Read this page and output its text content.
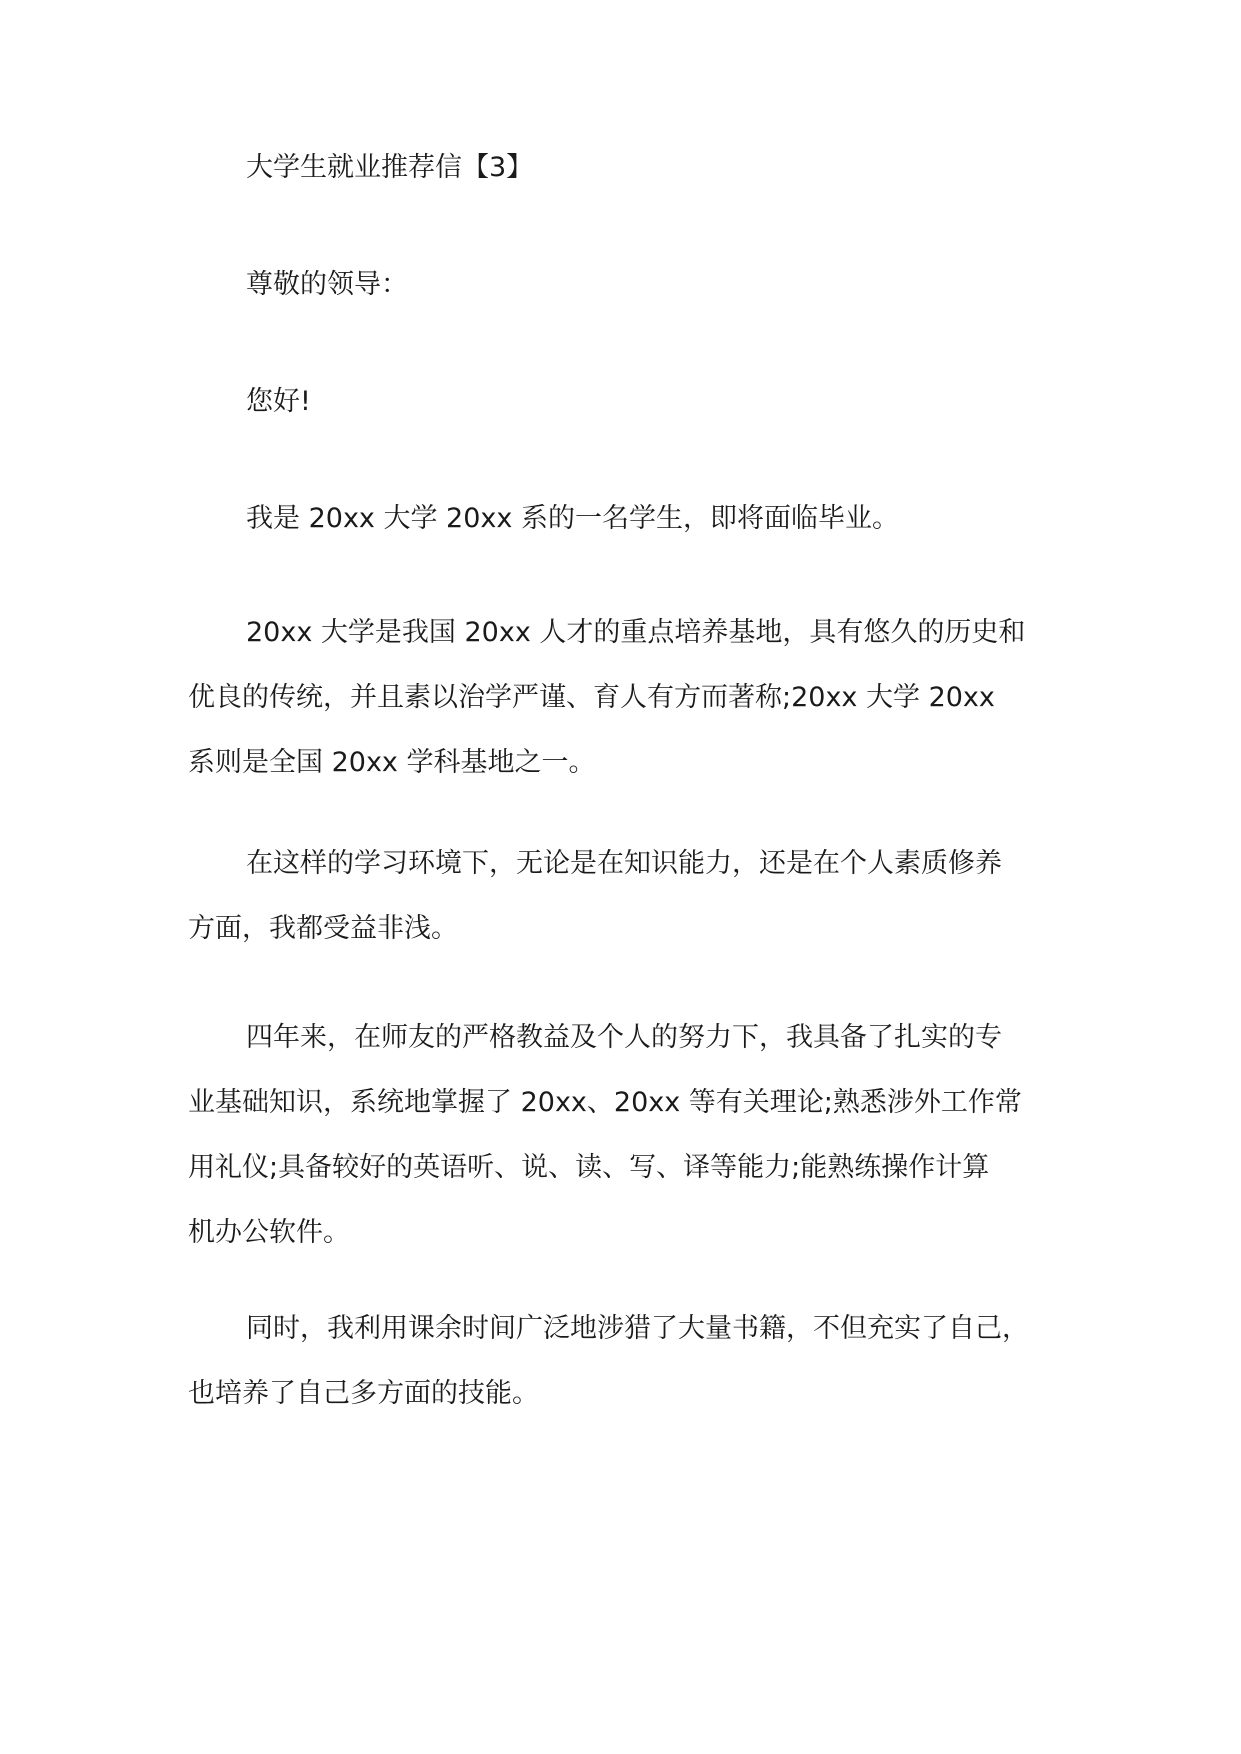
大学生就业推荐信【3】

尊敬的领导：

您好!

我是 20xx 大学 20xx 系的一名学生，即将面临毕业。

20xx 大学是我国 20xx 人才的重点培养基地，具有悠久的历史和
优良的传统，并且素以治学严谨、育人有方而著称;20xx 大学 20xx
系则是全国 20xx 学科基地之一。

在这样的学习环境下，无论是在知识能力，还是在个人素质修养
方面，我都受益非浅。

四年来，在师友的严格教益及个人的努力下，我具备了扎实的专
业基础知识，系统地掌握了 20xx、20xx 等有关理论;熟悉涉外工作常
用礼仪;具备较好的英语听、说、读、写、译等能力;能熟练操作计算
机办公软件。

同时，我利用课余时间广泛地涉猎了大量书籍，不但充实了自己，
也培养了自己多方面的技能。
